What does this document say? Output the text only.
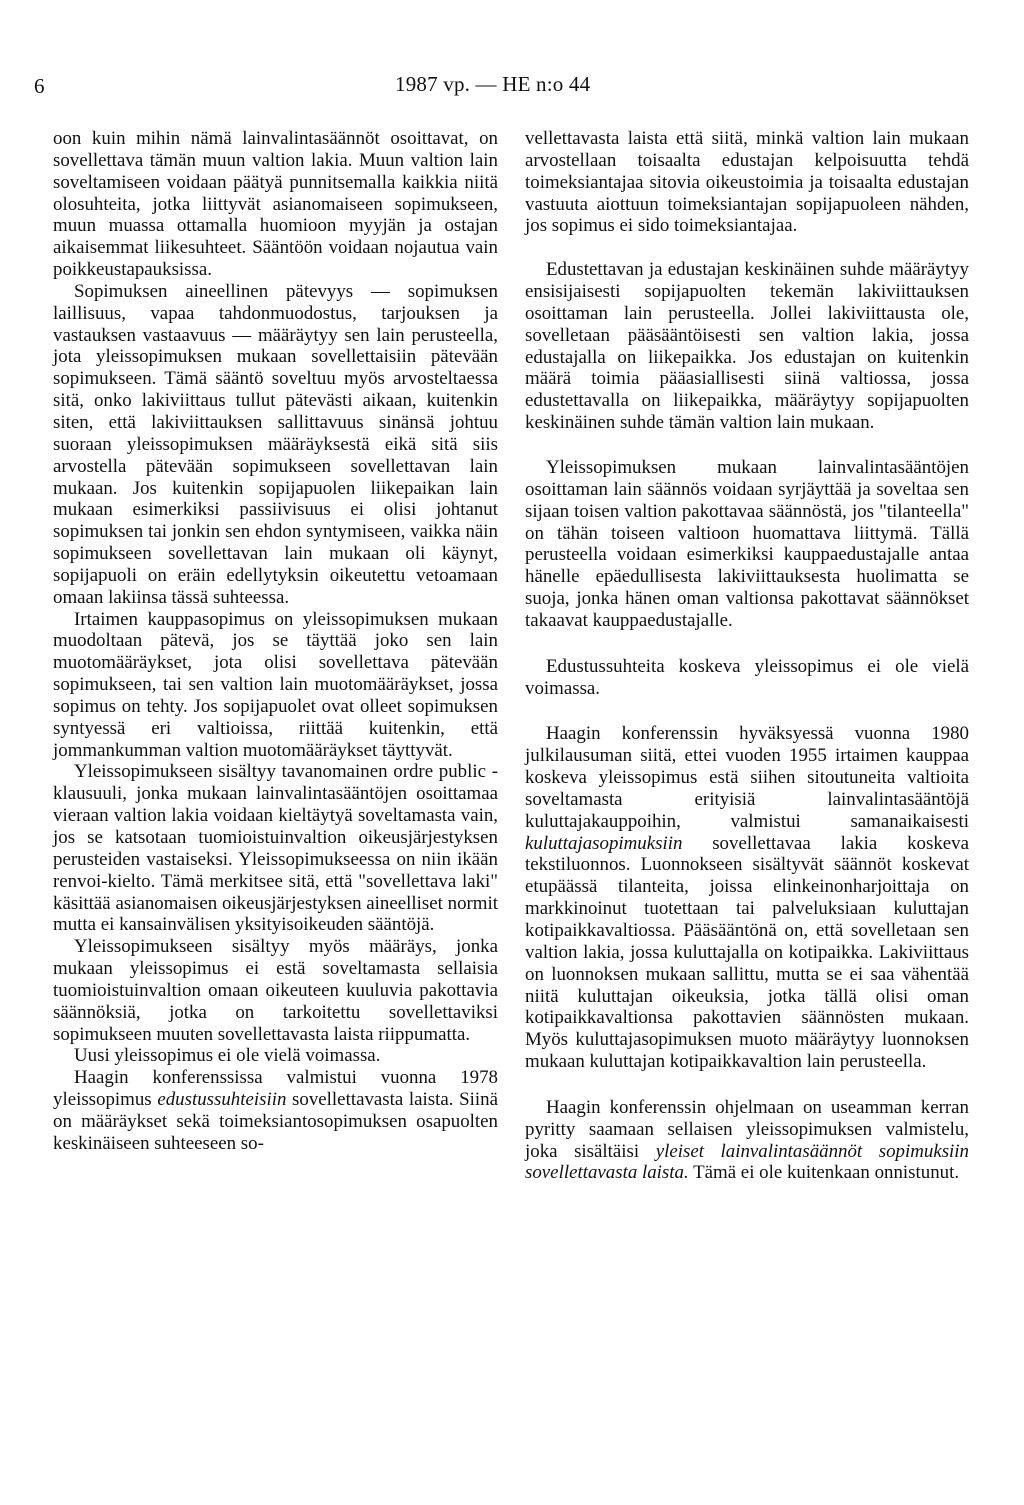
6	1987 vp. — HE n:o 44

oon kuin mihin nämä lainvalintasäännöt osoittavat, on sovellettava tämän muun valtion lakia. Muun valtion lain soveltamiseen voidaan päätyä punnitsemalla kaikkia niitä olosuhteita, jotka liittyvät asianomaiseen sopimukseen, muun muassa ottamalla huomioon myyjän ja ostajan aikaisemmat liikesuhteet. Sääntöön voidaan nojautua vain poikkeustapauksissa.

Sopimuksen aineellinen pätevyys — sopimuksen laillisuus, vapaa tahdonmuodostus, tarjouksen ja vastauksen vastaavuus — määräytyy sen lain perusteella, jota yleissopimuksen mukaan sovellettaisiin pätevään sopimukseen. Tämä sääntö soveltuu myös arvosteltaessa sitä, onko lakiviittaus tullut pätevästi aikaan, kuitenkin siten, että lakiviittauksen sallittavuus sinänsä johtuu suoraan yleissopimuksen määräyksestä eikä sitä siis arvostella pätevään sopimukseen sovellettavan lain mukaan. Jos kuitenkin sopijapuolen liikepaikan lain mukaan esimerkiksi passiivisuus ei olisi johtanut sopimuksen tai jonkin sen ehdon syntymiseen, vaikka näin sopimukseen sovellettavan lain mukaan oli käynyt, sopijapuoli on eräin edellytyksin oikeutettu vetoamaan omaan lakiinsa tässä suhteessa.

Irtaimen kauppasopimus on yleissopimuksen mukaan muodoltaan pätevä, jos se täyttää joko sen lain muotomääräykset, jota olisi sovellettava pätevään sopimukseen, tai sen valtion lain muotomääräykset, jossa sopimus on tehty. Jos sopijapuolet ovat olleet sopimuksen syntyessä eri valtioissa, riittää kuitenkin, että jommankumman valtion muotomääräykset täyttyvät.

Yleissopimukseen sisältyy tavanomainen ordre public -klausuuli, jonka mukaan lainvalintasääntöjen osoittamaa vieraan valtion lakia voidaan kieltäytyä soveltamasta vain, jos se katsotaan tuomioistuinvaltion oikeusjärjestyksen perusteiden vastaiseksi. Yleissopimukseessa on niin ikään renvoi-kielto. Tämä merkitsee sitä, että "sovellettava laki" käsittää asianomaisen oikeusjärjestyksen aineelliset normit mutta ei kansainvälisen yksityisoikeuden sääntöjä.

Yleissopimukseen sisältyy myös määräys, jonka mukaan yleissopimus ei estä soveltamasta sellaisia tuomioistuinvaltion omaan oikeuteen kuuluvia pakottavia säännöksiä, jotka on tarkoitettu sovellettaviksi sopimukseen muuten sovellettavasta laista riippumatta.

Uusi yleissopimus ei ole vielä voimassa.

Haagin konferenssissa valmistui vuonna 1978 yleissopimus edustussuhteisiin sovellettavasta laista. Siinä on määräykset sekä toimeksiantosopimuksen osapuolten keskinäiseen suhteeseen so-

vellettavasta laista että siitä, minkä valtion lain mukaan arvostellaan toisaalta edustajan kelpoisuutta tehdä toimeksiantajaa sitovia oikeustoimia ja toisaalta edustajan vastuuta aiottuun toimeksiantajan sopijapuoleen nähden, jos sopimus ei sido toimeksiantajaa.

Edustettavan ja edustajan keskinäinen suhde määräytyy ensisijaisesti sopijapuolten tekemän lakiviittauksen osoittaman lain perusteella. Jollei lakiviittausta ole, sovelletaan pääsääntöisesti sen valtion lakia, jossa edustajalla on liikepaikka. Jos edustajan on kuitenkin määrä toimia pääasiallisesti siinä valtiossa, jossa edustettavalla on liikepaikka, määräytyy sopijapuolten keskinäinen suhde tämän valtion lain mukaan.

Yleissopimuksen mukaan lainvalintasääntöjen osoittaman lain säännös voidaan syrjäyttää ja soveltaa sen sijaan toisen valtion pakottavaa säännöstä, jos "tilanteella" on tähän toiseen valtioon huomattava liittymä. Tällä perusteella voidaan esimerkiksi kauppaedustajalle antaa hänelle epäedullisesta lakiviittauksesta huolimatta se suoja, jonka hänen oman valtionsa pakottavat säännökset takaavat kauppaedustajalle.

Edustussuhteita koskeva yleissopimus ei ole vielä voimassa.

Haagin konferenssin hyväksyessä vuonna 1980 julkilausuman siitä, ettei vuoden 1955 irtaimen kauppaa koskeva yleissopimus estä siihen sitoutuneita valtioita soveltamasta erityisiä lainvalintasääntöjä kuluttajakauppoihin, valmistui samanaikaisesti kuluttajasopimuksiin sovellettavaa lakia koskeva tekstiluonnos. Luonnokseen sisältyvät säännöt koskevat etupäässä tilanteita, joissa elinkeinonharjoittaja on markkinoinut tuotettaan tai palveluksiaan kuluttajan kotipaikkavaltiossa. Pääsääntönä on, että sovelletaan sen valtion lakia, jossa kuluttajalla on kotipaikka. Lakiviittaus on luonnoksen mukaan sallittu, mutta se ei saa vähentää niitä kuluttajan oikeuksia, jotka tällä olisi oman kotipaikkavaltionsa pakottavien säännösten mukaan. Myös kuluttajasopimuksen muoto määräytyy luonnoksen mukaan kuluttajan kotipaikkavaltion lain perusteella.

Haagin konferenssin ohjelmaan on useamman kerran pyritty saamaan sellaisen yleissopimuksen valmistelu, joka sisältäisi yleiset lainvalintasäännöt sopimuksiin sovellettavasta laista. Tämä ei ole kuitenkaan onnistunut.
